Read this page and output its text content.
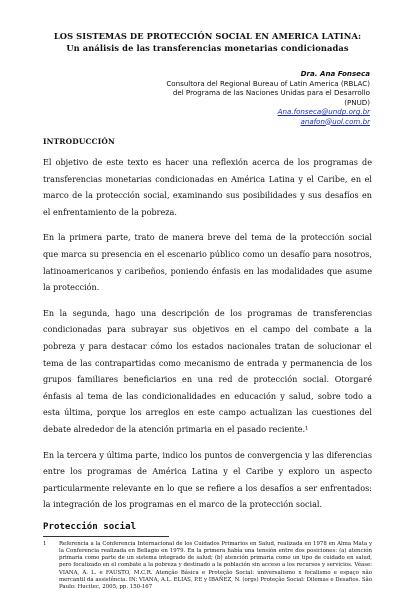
LOS SISTEMAS DE PROTECCIÓN SOCIAL EN AMERICA LATINA:
Un análisis de las transferencias monetarias condicionadas
Dra. Ana Fonseca
Consultora del Regional Bureau of Latin America (RBLAC)
del Programa de las Naciones Unidas para el Desarrollo
(PNUD)
Ana.fonseca@undp.org.br
anafon@uol.com.br
INTRODUCCIÓN

El objetivo de este texto es hacer una reflexión acerca de los programas de transferencias monetarias condicionadas en América Latina y el Caribe, en el marco de la protección social, examinando sus posibilidades y sus desafíos en el enfrentamiento de la pobreza.

En la primera parte, trato de manera breve del tema de la protección social que marca su presencia en el escenario público como un desafío para nosotros, latinoamericanos y caribeños, poniendo énfasis en las modalidades que asume la protección.

En la segunda, hago una descripción de los programas de transferencias condicionadas para subrayar sus objetivos en el campo del combate a la pobreza y para destacar cómo los estados nacionales tratan de solucionar el tema de las contrapartidas como mecanismo de entrada y permanencia de los grupos familiares beneficiarios en una red de protección social. Otorgaré énfasis al tema de las condicionalidades en educación y salud, sobre todo a esta última, porque los arreglos en este campo actualizan las cuestiones del debate alrededor de la atención primaria en el pasado reciente.¹

En la tercera y última parte, indico los puntos de convergencia y las diferencias entre los programas de América Latina y el Caribe y exploro un aspecto particularmente relevante en lo que se refiere a los desafíos a ser enfrentados: la integración de los programas en el marco de la protección social.

Protección social
1 Referencia a la Conferencia Internacional de los Cuidados Primarios en Salud, realizada en 1978 en Alma Mata y la Conferencia realizada en Bellagio en 1979. En la primera había una tensión entre dos posiciones: (a) atención primaria como parte de un sistema integrado de salud; (b) atención primaria como un tipo de cuidado en salud, pero focalizado en el combate a la pobreza y destinado a la población sin acceso a los recursos y servicios. Véase: VIANA, A. L. e FAUSTO, M.C.R. Atenção Básica e Proteção Social: universalismo x focalismo e espaço não mercantil da assistência. IN: VIANA, A.L. ELIAS, P.E y IBAÑEZ, N. (orgs) Proteção Social: Dilemas e Desafios. São Paulo: Hucitec, 2005, pp. 150-167
